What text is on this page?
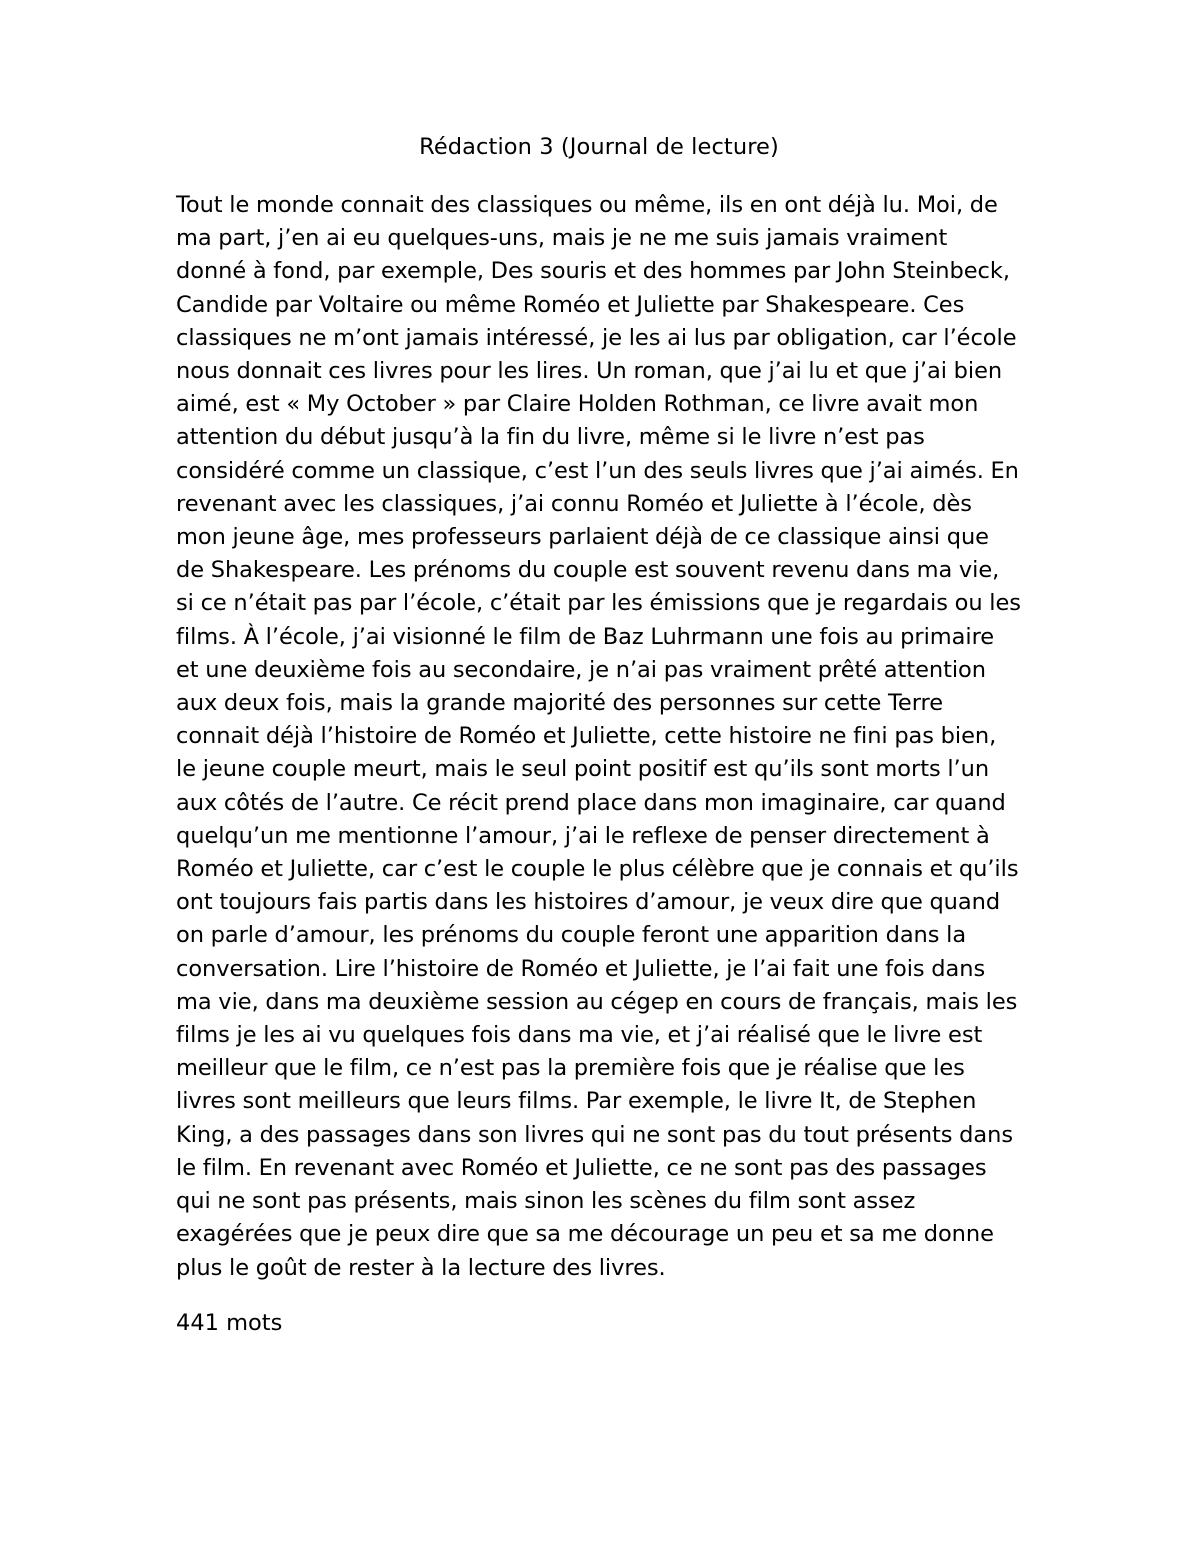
Rédaction 3 (Journal de lecture)

Tout le monde connait des classiques ou même, ils en ont déjà lu. Moi, de ma part, j’en ai eu quelques-uns, mais je ne me suis jamais vraiment donné à fond, par exemple, Des souris et des hommes par John Steinbeck, Candide par Voltaire ou même Roméo et Juliette par Shakespeare. Ces classiques ne m’ont jamais intéressé, je les ai lus par obligation, car l’école nous donnait ces livres pour les lires. Un roman, que j’ai lu et que j’ai bien aimé, est « My October » par Claire Holden Rothman, ce livre avait mon attention du début jusqu’à la fin du livre, même si le livre n’est pas considéré comme un classique, c’est l’un des seuls livres que j’ai aimés. En revenant avec les classiques, j’ai connu Roméo et Juliette à l’école, dès mon jeune âge, mes professeurs parlaient déjà de ce classique ainsi que de Shakespeare. Les prénoms du couple est souvent revenu dans ma vie, si ce n’était pas par l’école, c’était par les émissions que je regardais ou les films. À l’école, j’ai visionné le film de Baz Luhrmann une fois au primaire et une deuxième fois au secondaire, je n’ai pas vraiment prêté attention aux deux fois, mais la grande majorité des personnes sur cette Terre connait déjà l’histoire de Roméo et Juliette, cette histoire ne fini pas bien, le jeune couple meurt, mais le seul point positif est qu’ils sont morts l’un aux côtés de l’autre. Ce récit prend place dans mon imaginaire, car quand quelqu’un me mentionne l’amour, j’ai le reflexe de penser directement à Roméo et Juliette, car c’est le couple le plus célèbre que je connais et qu’ils ont toujours fais partis dans les histoires d’amour, je veux dire que quand on parle d’amour, les prénoms du couple feront une apparition dans la conversation. Lire l’histoire de Roméo et Juliette, je l’ai fait une fois dans ma vie, dans ma deuxième session au cégep en cours de français, mais les films je les ai vu quelques fois dans ma vie, et j’ai réalisé que le livre est meilleur que le film, ce n’est pas la première fois que je réalise que les livres sont meilleurs que leurs films. Par exemple, le livre It, de Stephen King, a des passages dans son livres qui ne sont pas du tout présents dans le film. En revenant avec Roméo et Juliette, ce ne sont pas des passages qui ne sont pas présents, mais sinon les scènes du film sont assez exagérées que je peux dire que sa me décourage un peu et sa me donne plus le goût de rester à la lecture des livres.

441 mots
